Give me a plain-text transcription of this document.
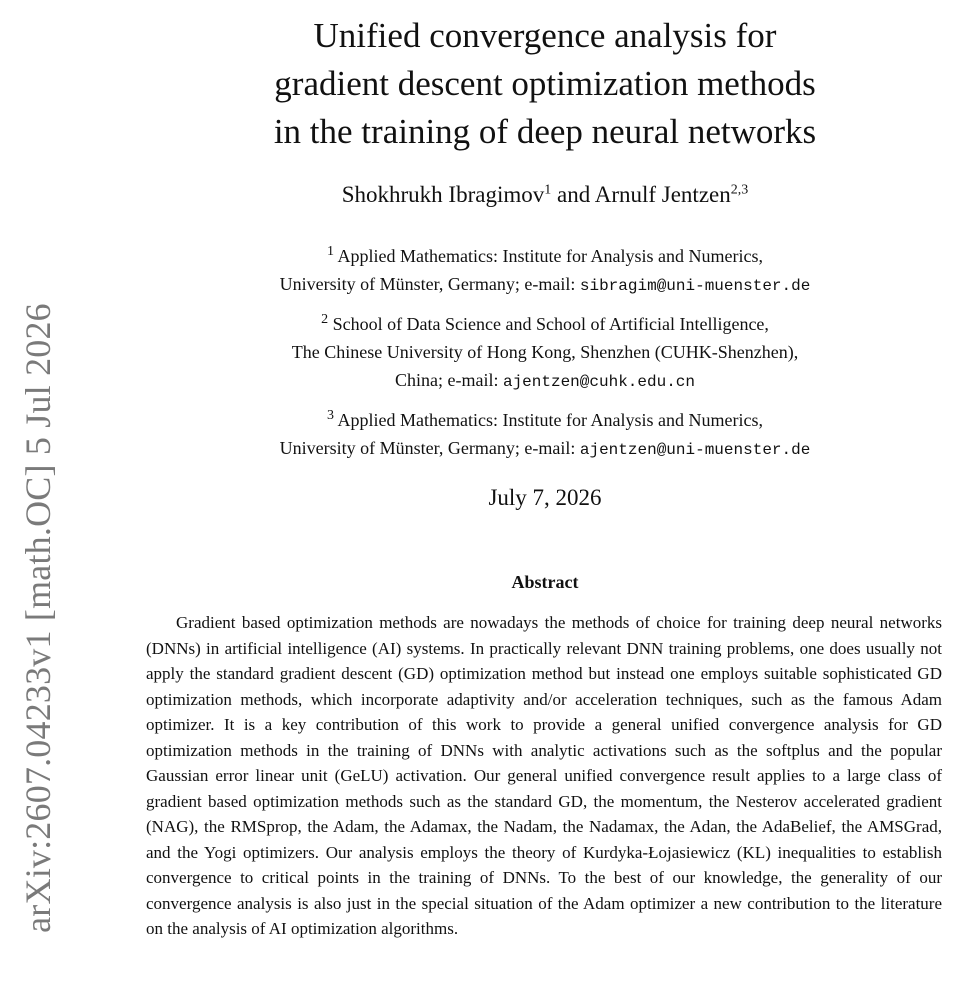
arXiv:2607.04233v1 [math.OC] 5 Jul 2026
Unified convergence analysis for
gradient descent optimization methods
in the training of deep neural networks
Shokhrukh Ibragimov$^1$ and Arnulf Jentzen$^{2,3}$
$^1$ Applied Mathematics: Institute for Analysis and Numerics,
University of Münster, Germany; e-mail: sibragim@uni-muenster.de
$^2$ School of Data Science and School of Artificial Intelligence,
The Chinese University of Hong Kong, Shenzhen (CUHK-Shenzhen),
China; e-mail: ajentzen@cuhk.edu.cn
$^3$ Applied Mathematics: Institute for Analysis and Numerics,
University of Münster, Germany; e-mail: ajentzen@uni-muenster.de
July 7, 2026
Abstract

Gradient based optimization methods are nowadays the methods of choice for training deep neural networks (DNNs) in artificial intelligence (AI) systems. In practically relevant DNN training problems, one does usually not apply the standard gradient descent (GD) optimization method but instead one employs suitable sophisticated GD optimization methods, which incorporate adaptivity and/or acceleration techniques, such as the famous Adam optimizer. It is a key contribution of this work to provide a general unified convergence analysis for GD optimization methods in the training of DNNs with analytic activations such as the softplus and the popular Gaussian error linear unit (GeLU) activation. Our general unified convergence result applies to a large class of gradient based optimization methods such as the standard GD, the momentum, the Nesterov accelerated gradient (NAG), the RMSprop, the Adam, the Adamax, the Nadam, the Nadamax, the Adan, the AdaBelief, the AMSGrad, and the Yogi optimizers. Our analysis employs the theory of Kurdyka-Łojasiewicz (KL) inequalities to establish convergence to critical points in the training of DNNs. To the best of our knowledge, the generality of our convergence analysis is also just in the special situation of the Adam optimizer a new contribution to the literature on the analysis of AI optimization algorithms.
